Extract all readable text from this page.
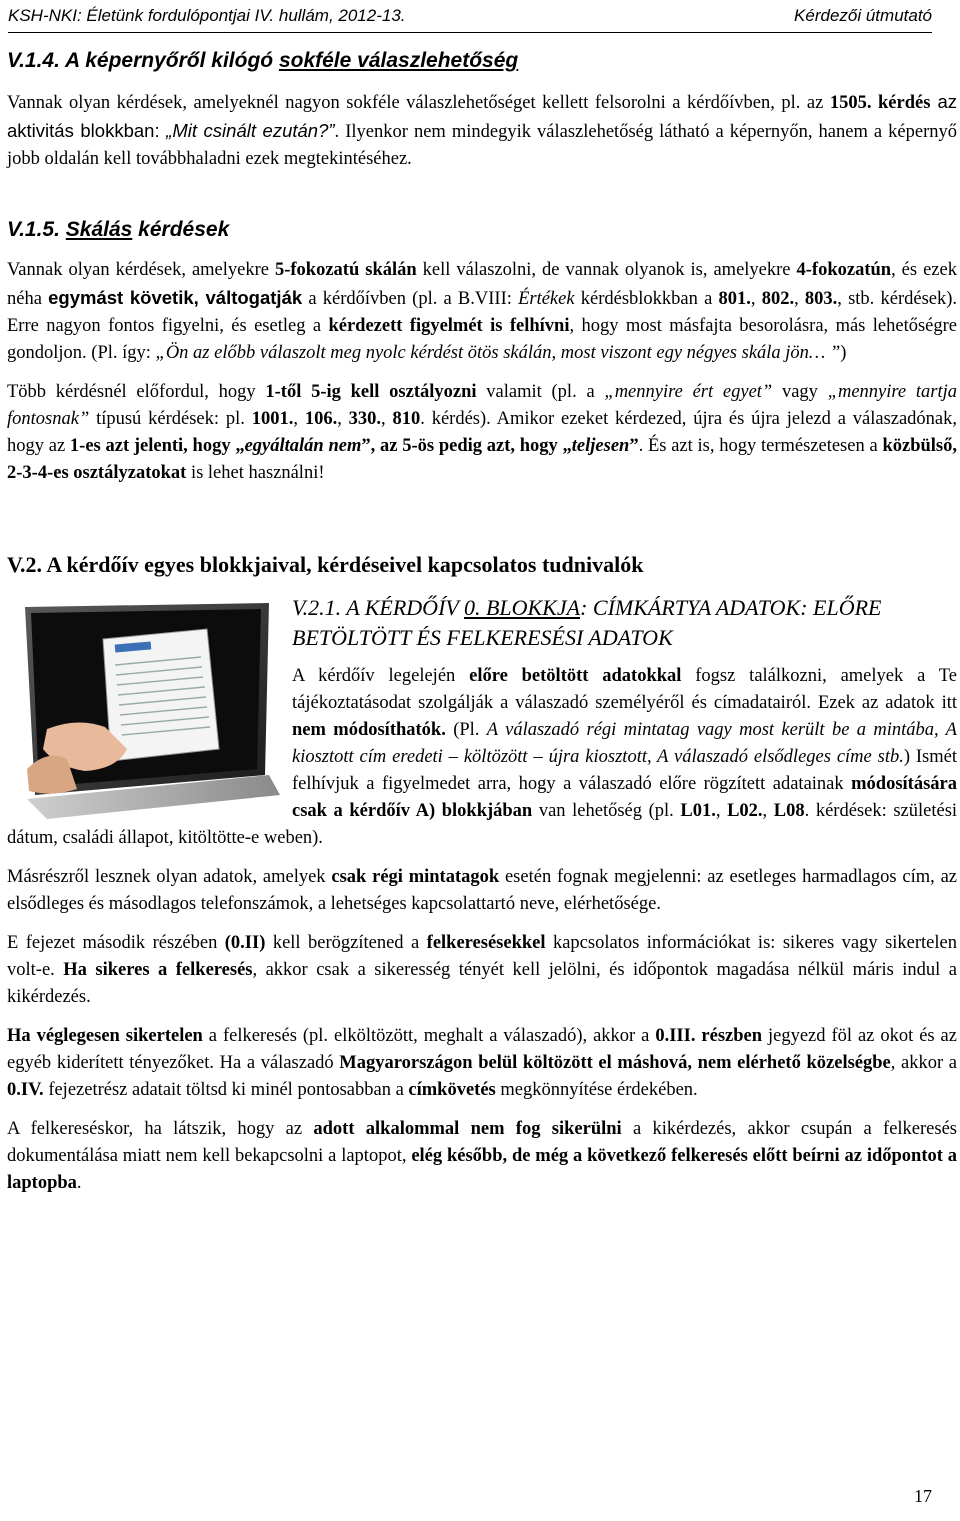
KSH-NKI: Életünk fordulópontjai IV. hullám, 2012-13.	Kérdezői útmutató
V.1.4. A képernyőről kilógó sokféle válaszlehetőség

Vannak olyan kérdések, amelyeknél nagyon sokféle válaszlehetőséget kellett felsorolni a kérdőívben, pl. az 1505. kérdés az aktivitás blokkban: „Mit csinált ezután?”. Ilyenkor nem mindegyik válaszlehetőség látható a képernyőn, hanem a képernyő jobb oldalán kell továbbhaladni ezek megtekintéséhez.

V.1.5. Skálás kérdések

Vannak olyan kérdések, amelyekre 5-fokozatú skálán kell válaszolni, de vannak olyanok is, amelyekre 4-fokozatún, és ezek néha egymást követik, váltogatják a kérdőívben (pl. a B.VIII: Értékek kérdésblokkban a 801., 802., 803., stb. kérdések). Erre nagyon fontos figyelni, és esetleg a kérdezett figyelmét is felhívni, hogy most másfajta besorolásra, más lehetőségre gondoljon. (Pl. így: „Ön az előbb válaszolt meg nyolc kérdést ötös skálán, most viszont egy négyes skála jön… ”)

Több kérdésnél előfordul, hogy 1-től 5-ig kell osztályozni valamit (pl. a „mennyire ért egyet” vagy „mennyire tartja fontosnak” típusú kérdések: pl. 1001., 106., 330., 810. kérdés). Amikor ezeket kérdezed, újra és újra jelezd a válaszadónak, hogy az 1-es azt jelenti, hogy „egyáltalán nem”, az 5-ös pedig azt, hogy „teljesen”. És azt is, hogy természetesen a közbülső, 2-3-4-es osztályzatokat is lehet használni!

V.2. A kérdőív egyes blokkjaival, kérdéseivel kapcsolatos tudnivalók
V.2.1. A KÉRDŐÍV 0. BLOKKJA: CÍMKÁRTYA ADATOK: ELŐRE BETÖLTÖTT ÉS FELKERESÉSI ADATOK

A kérdőív legelején előre betöltött adatokkal fogsz találkozni, amelyek a Te tájékoztatásodat szolgálják a válaszadó személyéről és címadatairól. Ezek az adatok itt nem módosíthatók. (Pl. A válaszadó régi mintatag vagy most került be a mintába, A kiosztott cím eredeti – költözött – újra kiosztott, A válaszadó elsődleges címe stb.) Ismét felhívjuk a figyelmedet arra, hogy a válaszadó előre rögzített adatainak módosítására csak a kérdőív A) blokkjában van lehetőség (pl. L01., L02., L08. kérdések: születési dátum, családi állapot, kitöltötte-e weben).

Másrészről lesznek olyan adatok, amelyek csak régi mintatagok esetén fognak megjelenni: az esetleges harmadlagos cím, az elsődleges és másodlagos telefonszámok, a lehetséges kapcsolattartó neve, elérhetősége.

E fejezet második részében (0.II) kell berögzítened a felkeresésekkel kapcsolatos információkat is: sikeres vagy sikertelen volt-e. Ha sikeres a felkeresés, akkor csak a sikeresség tényét kell jelölni, és időpontok magadása nélkül máris indul a kikérdezés.

Ha véglegesen sikertelen a felkeresés (pl. elköltözött, meghalt a válaszadó), akkor a 0.III. részben jegyezd föl az okot és az egyéb kiderített tényezőket. Ha a válaszadó Magyarországon belül költözött el máshová, nem elérhető közelségbe, akkor a 0.IV. fejezetrész adatait töltsd ki minél pontosabban a címkövetés megkönnyítése érdekében.

A felkereséskor, ha látszik, hogy az adott alkalommal nem fog sikerülni a kikérdezés, akkor csupán a felkeresés dokumentálása miatt nem kell bekapcsolni a laptopot, elég később, de még a következő felkeresés előtt beírni az időpontot a laptopba.

17
